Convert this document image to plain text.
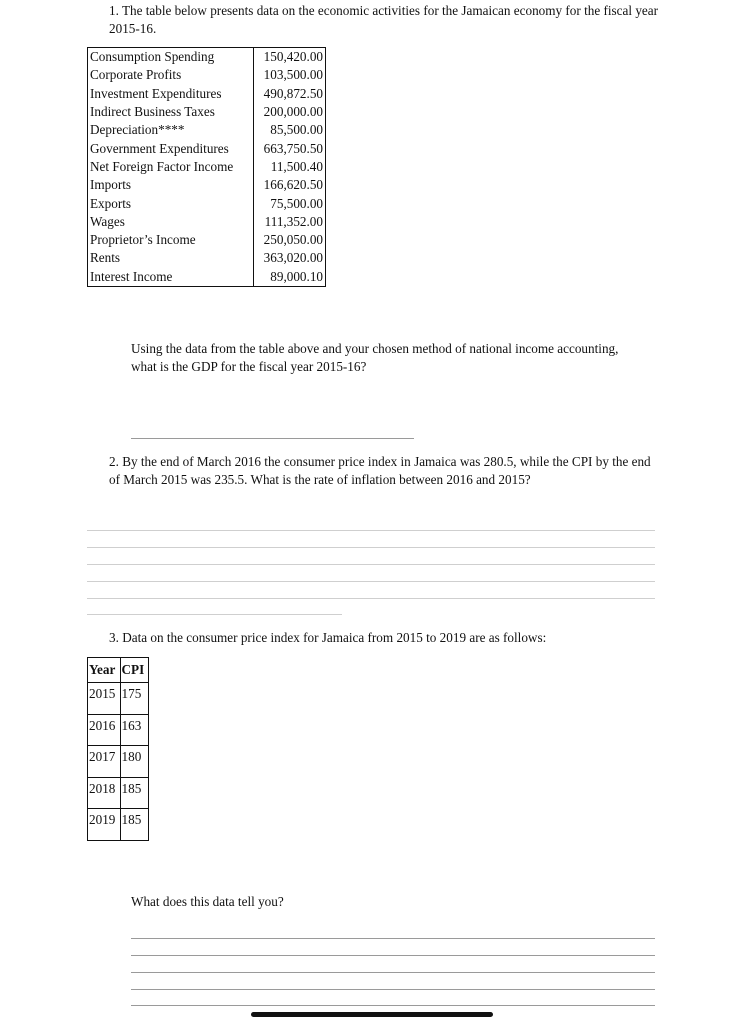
1. The table below presents data on the economic activities for the Jamaican economy for the fiscal year 2015-16.
Consumption Spending	150,420.00
Corporate Profits	103,500.00
Investment Expenditures	490,872.50
Indirect Business Taxes	200,000.00
Depreciation****	85,500.00
Government Expenditures	663,750.50
Net Foreign Factor Income	11,500.40
Imports	166,620.50
Exports	75,500.00
Wages	111,352.00
Proprietor’s Income	250,050.00
Rents	363,020.00
Interest Income	89,000.10
Using the data from the table above and your chosen method of national income accounting, what is the GDP for the fiscal year 2015-16?
2. By the end of March 2016 the consumer price index in Jamaica was 280.5, while the CPI by the end of March 2015 was 235.5. What is the rate of inflation between 2016 and 2015?
3. Data on the consumer price index for Jamaica from 2015 to 2019 are as follows:
Year	CPI
2015	175
2016	163
2017	180
2018	185
2019	185
What does this data tell you?
